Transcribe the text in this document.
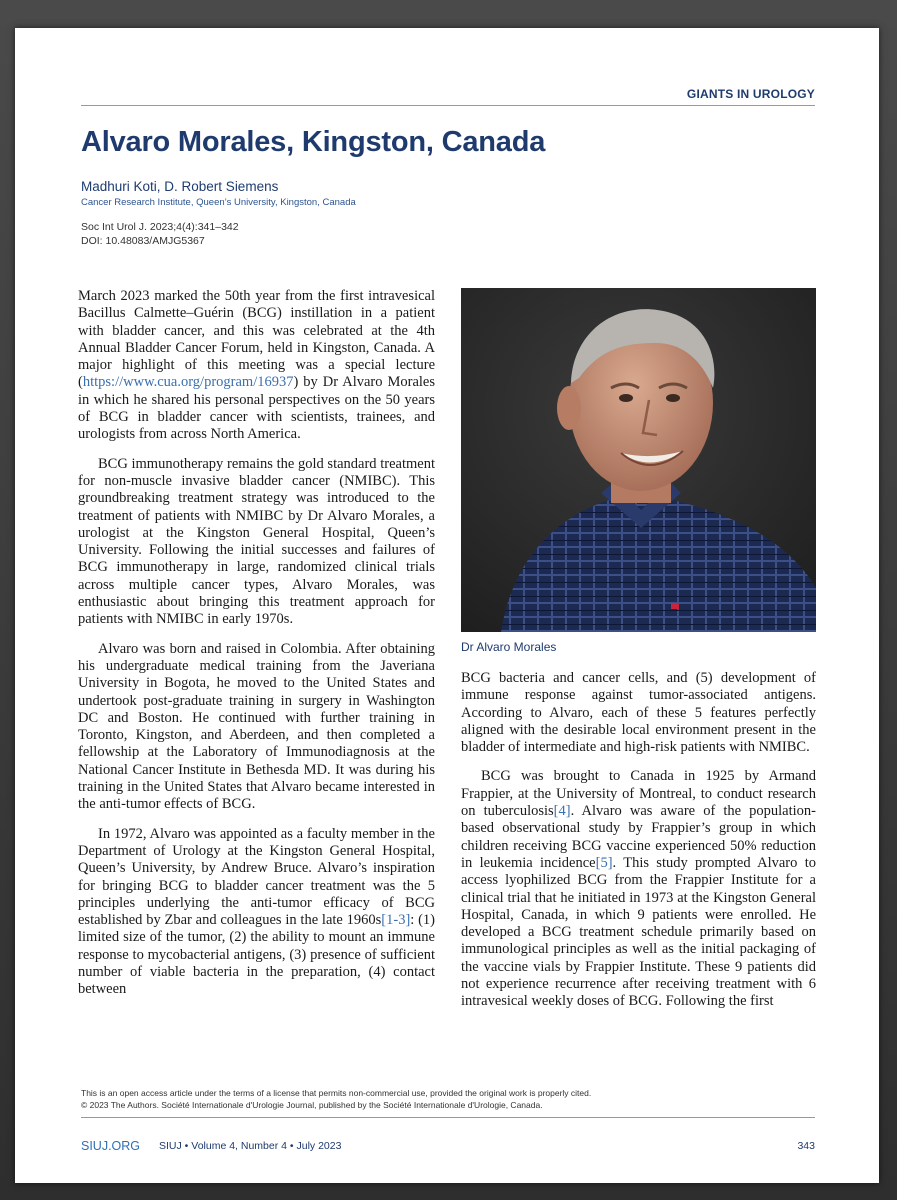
GIANTS IN UROLOGY
Alvaro Morales, Kingston, Canada
Madhuri Koti, D. Robert Siemens
Cancer Research Institute, Queen’s University, Kingston, Canada
Soc Int Urol J. 2023;4(4):341–342
DOI: 10.48083/AMJG5367

March 2023 marked the 50th year from the first intravesical Bacillus Calmette–Guérin (BCG) instillation in a patient with bladder cancer, and this was celebrated at the 4th Annual Bladder Cancer Forum, held in Kingston, Canada. A major highlight of this meeting was a special lecture (https://www.cua.org/program/16937) by Dr Alvaro Morales in which he shared his personal perspectives on the 50 years of BCG in bladder cancer with scientists, trainees, and urologists from across North America.

BCG immunotherapy remains the gold standard treatment for non-muscle invasive bladder cancer (NMIBC). This groundbreaking treatment strategy was introduced to the treatment of patients with NMIBC by Dr Alvaro Morales, a urologist at the Kingston General Hospital, Queen’s University. Following the initial successes and failures of BCG immunotherapy in large, randomized clinical trials across multiple cancer types, Alvaro Morales, was enthusiastic about bringing this treatment approach for patients with NMIBC in early 1970s.

Alvaro was born and raised in Colombia. After obtaining his undergraduate medical training from the Javeriana University in Bogota, he moved to the United States and undertook post-graduate training in surgery in Washington DC and Boston. He continued with further training in Toronto, Kingston, and Aberdeen, and then completed a fellowship at the Laboratory of Immunodiagnosis at the National Cancer Institute in Bethesda MD. It was during his training in the United States that Alvaro became interested in the anti-tumor effects of BCG.

In 1972, Alvaro was appointed as a faculty member in the Department of Urology at the Kingston General Hospital, Queen’s University, by Andrew Bruce. Alvaro’s inspiration for bringing BCG to bladder cancer treatment was the 5 principles underlying the anti-tumor efficacy of BCG established by Zbar and colleagues in the late 1960s[1-3]: (1) limited size of the tumor, (2) the ability to mount an immune response to mycobacterial antigens, (3) presence of sufficient number of viable bacteria in the preparation, (4) contact between

Dr Alvaro Morales

BCG bacteria and cancer cells, and (5) development of immune response against tumor-associated antigens. According to Alvaro, each of these 5 features perfectly aligned with the desirable local environment present in the bladder of intermediate and high-risk patients with NMIBC.

BCG was brought to Canada in 1925 by Armand Frappier, at the University of Montreal, to conduct research on tuberculosis[4]. Alvaro was aware of the population-based observational study by Frappier’s group in which children receiving BCG vaccine experienced 50% reduction in leukemia incidence[5]. This study prompted Alvaro to access lyophilized BCG from the Frappier Institute for a clinical trial that he initiated in 1973 at the Kingston General Hospital, Canada, in which 9 patients were enrolled. He developed a BCG treatment schedule primarily based on immunological principles as well as the initial packaging of the vaccine vials by Frappier Institute. These 9 patients did not experience recurrence after receiving treatment with 6 intravesical weekly doses of BCG. Following the first

This is an open access article under the terms of a license that permits non-commercial use, provided the original work is properly cited.
© 2023 The Authors. Société Internationale d'Urologie Journal, published by the Société Internationale d'Urologie, Canada.
SIUJ.ORG SIUJ • Volume 4, Number 4 • July 2023	343
